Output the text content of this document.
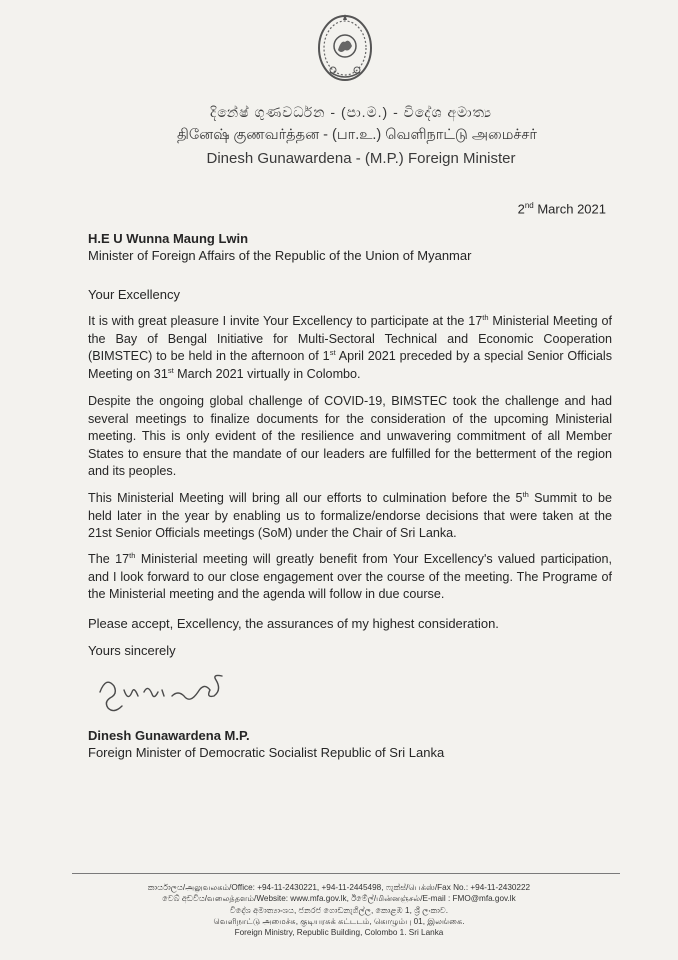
දිනේෂ් ගුණවර්ධන - (පා.ම.) - විදේශ අමාත්‍ය
தினேஷ் குணவர்த்தன - (பா.உ.) வெளிநாட்டு அமைச்சர்
Dinesh Gunawardena - (M.P.) Foreign Minister
2nd March 2021
H.E U Wunna Maung Lwin
Minister of Foreign Affairs of the Republic of the Union of Myanmar
Your Excellency
It is with great pleasure I invite Your Excellency to participate at the 17th Ministerial Meeting of the Bay of Bengal Initiative for Multi-Sectoral Technical and Economic Cooperation (BIMSTEC) to be held in the afternoon of 1st April 2021 preceded by a special Senior Officials Meeting on 31st March 2021 virtually in Colombo.
Despite the ongoing global challenge of COVID-19, BIMSTEC took the challenge and had several meetings to finalize documents for the consideration of the upcoming Ministerial meeting. This is only evident of the resilience and unwavering commitment of all Member States to ensure that the mandate of our leaders are fulfilled for the betterment of the region and its peoples.
This Ministerial Meeting will bring all our efforts to culmination before the 5th Summit to be held later in the year by enabling us to formalize/endorse decisions that were taken at the 21st Senior Officials meetings (SoM) under the Chair of Sri Lanka.
The 17th Ministerial meeting will greatly benefit from Your Excellency's valued participation, and I look forward to our close engagement over the course of the meeting. The Programe of the Ministerial meeting and the agenda will follow in due course.
Please accept, Excellency, the assurances of my highest consideration.
Yours sincerely
Dinesh Gunawardena M.P.
Foreign Minister of Democratic Socialist Republic of Sri Lanka
කාර්යාලය/அலுவலகம்/Office: +94-11-2430221, +94-11-2445498, ෆැක්ස්/பெக்ஸ்/Fax No.: +94-11-2430222
වෙබ් අඩවිය/வலைத்தளம்/Website: www.mfa.gov.lk, ඊමේල්/மின்னஞ்சல்/E-mail : FMO@mfa.gov.lk
විදේශ අමාත්‍යාංශය, ජනරජ ගොඩනැගිල්ල, කොළඹ 1, ශ්‍රී ලංකාව.
வெளிநாட்டு அமைச்சு, குடியரசுக் கட்டடம், கொழும்பு 01, இலங்கை.
Foreign Ministry, Republic Building, Colombo 1. Sri Lanka
